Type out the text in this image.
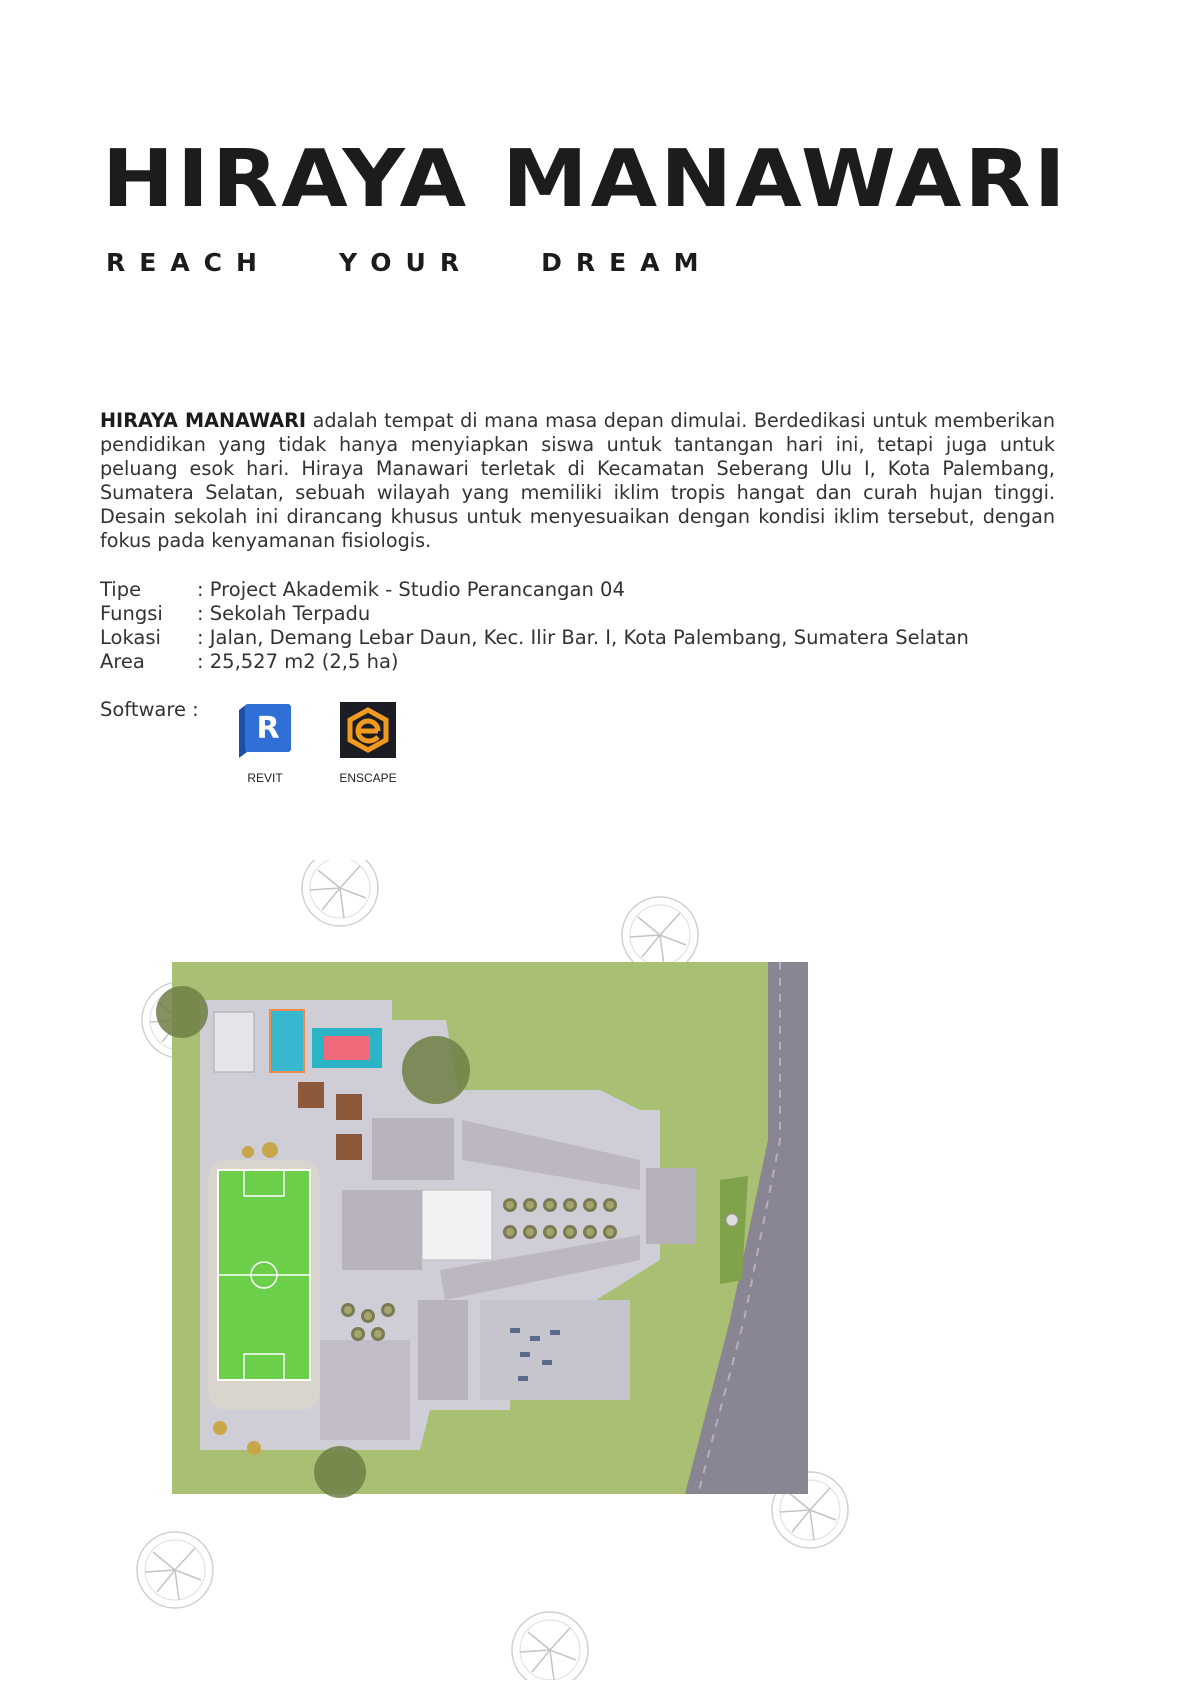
HIRAYA MANAWARI
REACH   YOUR   DREAM

HIRAYA MANAWARI adalah tempat di mana masa depan dimulai. Berdedikasi untuk memberikan pendidikan yang tidak hanya menyiapkan siswa untuk tantangan hari ini, tetapi juga untuk peluang esok hari. Hiraya Manawari terletak di Kecamatan Seberang Ulu I, Kota Palembang, Sumatera Selatan, sebuah wilayah yang memiliki iklim tropis hangat dan curah hujan tinggi. Desain sekolah ini dirancang khusus untuk menyesuaikan dengan kondisi iklim tersebut, dengan fokus pada kenyamanan fisiologis.

Tipe	: Project Akademik - Studio Perancangan 04
Fungsi	: Sekolah Terpadu
Lokasi	: Jalan, Demang Lebar Daun, Kec. Ilir Bar. I, Kota Palembang, Sumatera Selatan
Area	: 25,527 m2 (2,5 ha)
Software :
R
REVIT	ENSCAPE
